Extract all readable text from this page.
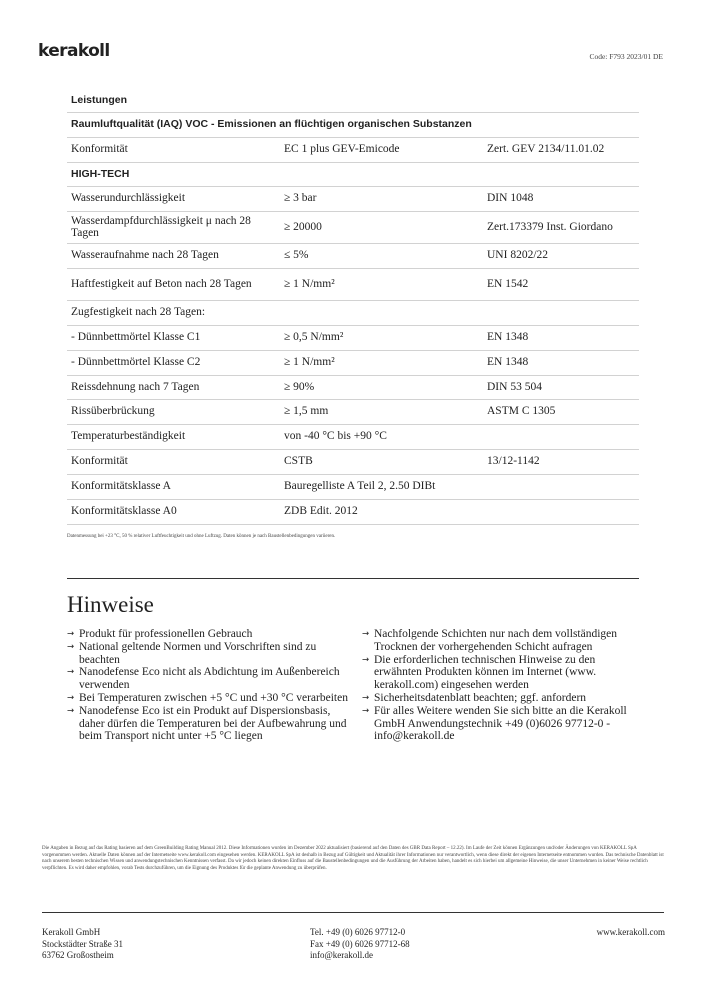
kerakoll	Code: F793 2023/01 DE
Leistungen		
Raumluftqualität (IAQ) VOC - Emissionen an flüchtigen organischen Substanzen		
Konformität	EC 1 plus GEV-Emicode	Zert. GEV 2134/11.01.02
HIGH-TECH		
Wasserundurchlässigkeit	≥ 3 bar	DIN 1048
Wasserdampfdurchlässigkeit μ nach 28 Tagen	≥ 20000	Zert.173379 Inst. Giordano
Wasseraufnahme nach 28 Tagen	≤ 5%	UNI 8202/22
Haftfestigkeit auf Beton nach 28 Tagen	≥ 1 N/mm²	EN 1542
Zugfestigkeit nach 28 Tagen:		
- Dünnbettmörtel Klasse C1	≥ 0,5 N/mm²	EN 1348
- Dünnbettmörtel Klasse C2	≥ 1 N/mm²	EN 1348
Reissdehnung nach 7 Tagen	≥ 90%	DIN 53 504
Rissüberbrückung	≥ 1,5 mm	ASTM C 1305
Temperaturbeständigkeit	von -40 °C bis +90 °C	
Konformität	CSTB	13/12-1142
Konformitätsklasse A	Bauregelliste A Teil 2, 2.50 DIBt	
Konformitätsklasse A0	ZDB Edit. 2012	
Datenmessung bei +23 °C, 50 % relativer Luftfeuchtigkeit und ohne Luftzug. Daten können je nach Baustellenbedingungen variieren.
Hinweise
→ Produkt für professionellen Gebrauch
→ National geltende Normen und Vorschriften sind zu beachten
→ Nanodefense Eco nicht als Abdichtung im Außenbereich verwenden
→ Bei Temperaturen zwischen +5 °C und +30 °C verarbeiten
→ Nanodefense Eco ist ein Produkt auf Dispersionsbasis, daher dürfen die Temperaturen bei der Aufbewahrung und beim Transport nicht unter +5 °C liegen
→ Nachfolgende Schichten nur nach dem vollständigen Trocknen der vorhergehenden Schicht aufragen
→ Die erforderlichen technischen Hinweise zu den erwähnten Produkten können im Internet (www. kerakoll.com) eingesehen werden
→ Sicherheitsdatenblatt beachten; ggf. anfordern
→ Für alles Weitere wenden Sie sich bitte an die Kerakoll GmbH Anwendungstechnik +49 (0)6026 97712-0 - info@kerakoll.de
Die Angaben in Bezug auf das Rating basieren auf dem GreenBuilding Rating Manual 2012. Diese Informationen wurden im Dezember 2022 aktualisiert (basierend auf den Daten des GBR Data Report – 12.22). Im Laufe der Zeit können Ergänzungen und/oder Änderungen von KERAKOLL SpA vorgenommen werden. Aktuelle Daten können auf der Internetseite www.kerakoll.com eingesehen werden. KERAKOLL SpA ist deshalb in Bezug auf Gültigkeit und Aktualität ihrer Informationen nur verantwortlich, wenn diese direkt der eigenen Internetseite entnommen wurden. Das technische Datenblatt ist nach unserem besten technischen Wissen und anwendungstechnischen Kenntnissen verfasst. Da wir jedoch keinen direkten Einfluss auf die Baustellenbedingungen und die Ausführung der Arbeiten haben, handelt es sich hierbei um allgemeine Hinweise, die unser Unternehmen in keiner Weise rechtlich verpflichten. Es wird daher empfohlen, vorab Tests durchzuführen, um die Eignung des Produktes für die geplante Anwendung zu überprüfen.
Kerakoll GmbH
Stockstädter Straße 31
63762 Großostheim
Tel. +49 (0) 6026 97712-0
Fax +49 (0) 6026 97712-68
info@kerakoll.de
www.kerakoll.com
